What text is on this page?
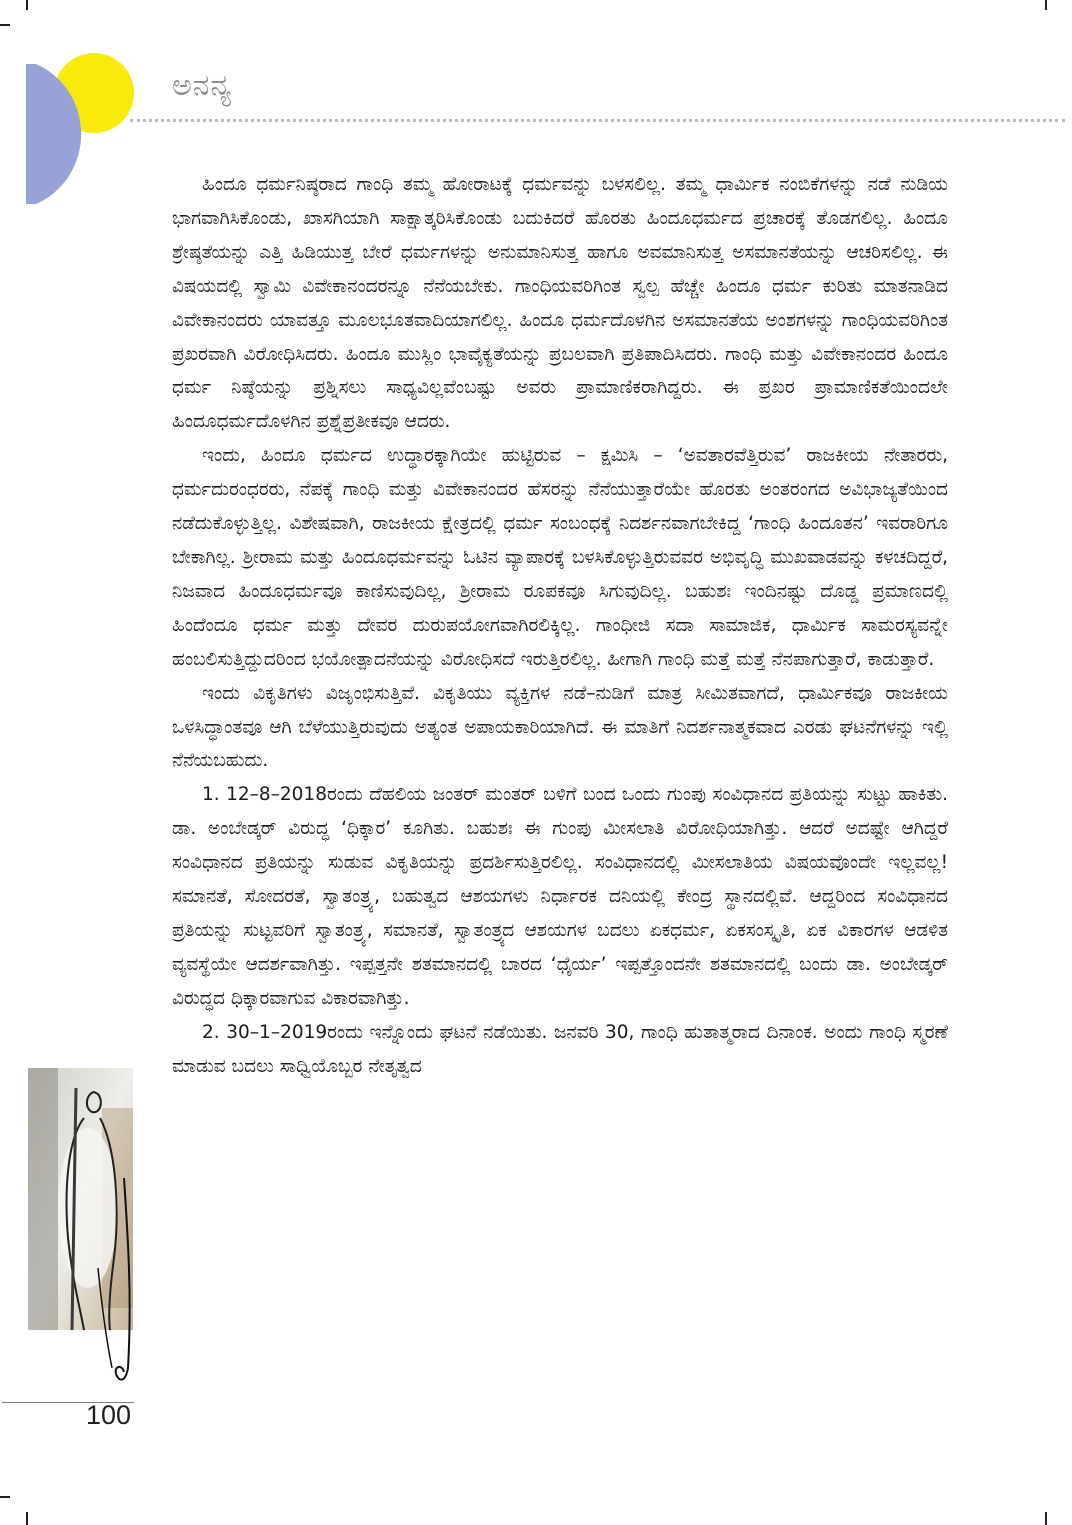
ಅನನ್ಯ

ಹಿಂದೂ ಧರ್ಮನಿಷ್ಠರಾದ ಗಾಂಧಿ ತಮ್ಮ ಹೋರಾಟಕ್ಕೆ ಧರ್ಮವನ್ನು ಬಳಸಲಿಲ್ಲ. ತಮ್ಮ ಧಾರ್ಮಿಕ ನಂಬಿಕೆಗಳನ್ನು ನಡೆ ನುಡಿಯ ಭಾಗವಾಗಿಸಿಕೊಂಡು, ಖಾಸಗಿಯಾಗಿ ಸಾಕ್ಷಾತ್ಕರಿಸಿಕೊಂಡು ಬದುಕಿದರೆ ಹೊರತು ಹಿಂದೂಧರ್ಮದ ಪ್ರಚಾರಕ್ಕೆ ತೊಡಗಲಿಲ್ಲ. ಹಿಂದೂ ಶ್ರೇಷ್ಠತೆಯನ್ನು ಎತ್ತಿ ಹಿಡಿಯುತ್ತ ಬೇರೆ ಧರ್ಮಗಳನ್ನು ಅನುಮಾನಿಸುತ್ತ ಹಾಗೂ ಅವಮಾನಿಸುತ್ತ ಅಸಮಾನತೆಯನ್ನು ಆಚರಿಸಲಿಲ್ಲ. ಈ ವಿಷಯದಲ್ಲಿ ಸ್ವಾಮಿ ವಿವೇಕಾನಂದರನ್ನೂ ನೆನೆಯಬೇಕು. ಗಾಂಧಿಯವರಿಗಿಂತ ಸ್ವಲ್ಪ ಹೆಚ್ಚೇ ಹಿಂದೂ ಧರ್ಮ ಕುರಿತು ಮಾತನಾಡಿದ ವಿವೇಕಾನಂದರು ಯಾವತ್ತೂ ಮೂಲಭೂತವಾದಿಯಾಗಲಿಲ್ಲ. ಹಿಂದೂ ಧರ್ಮದೊಳಗಿನ ಅಸಮಾನತೆಯ ಅಂಶಗಳನ್ನು ಗಾಂಧಿಯವರಿಗಿಂತ ಪ್ರಖರವಾಗಿ ವಿರೋಧಿಸಿದರು. ಹಿಂದೂ ಮುಸ್ಲಿಂ ಭಾವೈಕ್ಯತೆಯನ್ನು ಪ್ರಬಲವಾಗಿ ಪ್ರತಿಪಾದಿಸಿದರು. ಗಾಂಧಿ ಮತ್ತು ವಿವೇಕಾನಂದರ ಹಿಂದೂ ಧರ್ಮ ನಿಷ್ಠೆಯನ್ನು ಪ್ರಶ್ನಿಸಲು ಸಾಧ್ಯವಿಲ್ಲವೆಂಬಷ್ಟು ಅವರು ಪ್ರಾಮಾಣಿಕರಾಗಿದ್ದರು. ಈ ಪ್ರಖರ ಪ್ರಾಮಾಣಿಕತೆಯಿಂದಲೇ ಹಿಂದೂಧರ್ಮದೊಳಗಿನ ಪ್ರಶ್ನೆಪ್ರತೀಕವೂ ಆದರು.

ಇಂದು, ಹಿಂದೂ ಧರ್ಮದ ಉದ್ಧಾರಕ್ಕಾಗಿಯೇ ಹುಟ್ಟಿರುವ – ಕ್ಷಮಿಸಿ – ‘ಅವತಾರವೆತ್ತಿರುವ’ ರಾಜಕೀಯ ನೇತಾರರು, ಧರ್ಮದುರಂಧರರು, ನೆಪಕ್ಕೆ ಗಾಂಧಿ ಮತ್ತು ವಿವೇಕಾನಂದರ ಹೆಸರನ್ನು ನೆನೆಯುತ್ತಾರೆಯೇ ಹೊರತು ಅಂತರಂಗದ ಅವಿಭಾಜ್ಯತೆಯಿಂದ ನಡೆದುಕೊಳ್ಳುತ್ತಿಲ್ಲ. ವಿಶೇಷವಾಗಿ, ರಾಜಕೀಯ ಕ್ಷೇತ್ರದಲ್ಲಿ ಧರ್ಮ ಸಂಬಂಧಕ್ಕೆ ನಿದರ್ಶನವಾಗಬೇಕಿದ್ದ ‘ಗಾಂಧಿ ಹಿಂದೂತನ’ ಇವರಾರಿಗೂ ಬೇಕಾಗಿಲ್ಲ. ಶ್ರೀರಾಮ ಮತ್ತು ಹಿಂದೂಧರ್ಮವನ್ನು ಓಟಿನ ವ್ಯಾಪಾರಕ್ಕೆ ಬಳಸಿಕೊಳ್ಳುತ್ತಿರುವವರ ಅಭಿವೃದ್ಧಿ ಮುಖವಾಡವನ್ನು ಕಳಚದಿದ್ದರೆ, ನಿಜವಾದ ಹಿಂದೂಧರ್ಮವೂ ಕಾಣಿಸುವುದಿಲ್ಲ, ಶ್ರೀರಾಮ ರೂಪಕವೂ ಸಿಗುವುದಿಲ್ಲ. ಬಹುಶಃ ಇಂದಿನಷ್ಟು ದೊಡ್ಡ ಪ್ರಮಾಣದಲ್ಲಿ ಹಿಂದೆಂದೂ ಧರ್ಮ ಮತ್ತು ದೇವರ ದುರುಪಯೋಗವಾಗಿರಲಿಕ್ಕಿಲ್ಲ. ಗಾಂಧೀಜಿ ಸದಾ ಸಾಮಾಜಿಕ, ಧಾರ್ಮಿಕ ಸಾಮರಸ್ಯವನ್ನೇ ಹಂಬಲಿಸುತ್ತಿದ್ದುದರಿಂದ ಭಯೋತ್ಪಾದನೆಯನ್ನು ವಿರೋಧಿಸದೆ ಇರುತ್ತಿರಲಿಲ್ಲ. ಹೀಗಾಗಿ ಗಾಂಧಿ ಮತ್ತೆ ಮತ್ತೆ ನೆನಪಾಗುತ್ತಾರೆ, ಕಾಡುತ್ತಾರೆ.

ಇಂದು ವಿಕೃತಿಗಳು ವಿಜೃಂಭಿಸುತ್ತಿವೆ. ವಿಕೃತಿಯು ವ್ಯಕ್ತಿಗಳ ನಡೆ–ನುಡಿಗೆ ಮಾತ್ರ ಸೀಮಿತವಾಗದೆ, ಧಾರ್ಮಿಕವೂ ರಾಜಕೀಯ ಒಳಸಿದ್ಧಾಂತವೂ ಆಗಿ ಬೆಳೆಯುತ್ತಿರುವುದು ಅತ್ಯಂತ ಅಪಾಯಕಾರಿಯಾಗಿದೆ. ಈ ಮಾತಿಗೆ ನಿದರ್ಶನಾತ್ಮಕವಾದ ಎರಡು ಘಟನೆಗಳನ್ನು ಇಲ್ಲಿ ನೆನೆಯಬಹುದು.

1. 12–8–2018ರಂದು ದೆಹಲಿಯ ಜಂತರ್ ಮಂತರ್ ಬಳಿಗೆ ಬಂದ ಒಂದು ಗುಂಪು ಸಂವಿಧಾನದ ಪ್ರತಿಯನ್ನು ಸುಟ್ಟು ಹಾಕಿತು. ಡಾ. ಅಂಬೇಡ್ಕರ್ ವಿರುದ್ಧ ‘ಧಿಕ್ಕಾರ’ ಕೂಗಿತು. ಬಹುಶಃ ಈ ಗುಂಪು ಮೀಸಲಾತಿ ವಿರೋಧಿಯಾಗಿತ್ತು. ಆದರೆ ಅದಷ್ಟೇ ಆಗಿದ್ದರೆ ಸಂವಿಧಾನದ ಪ್ರತಿಯನ್ನು ಸುಡುವ ವಿಕೃತಿಯನ್ನು ಪ್ರದರ್ಶಿಸುತ್ತಿರಲಿಲ್ಲ. ಸಂವಿಧಾನದಲ್ಲಿ ಮೀಸಲಾತಿಯ ವಿಷಯವೊಂದೇ ಇಲ್ಲವಲ್ಲ! ಸಮಾನತೆ, ಸೋದರತೆ, ಸ್ವಾತಂತ್ರ್ಯ, ಬಹುತ್ವದ ಆಶಯಗಳು ನಿರ್ಧಾರಕ ದನಿಯಲ್ಲಿ ಕೇಂದ್ರ ಸ್ಥಾನದಲ್ಲಿವೆ. ಆದ್ದರಿಂದ ಸಂವಿಧಾನದ ಪ್ರತಿಯನ್ನು ಸುಟ್ಟವರಿಗೆ ಸ್ವಾತಂತ್ರ್ಯ, ಸಮಾನತೆ, ಸ್ವಾತಂತ್ರ್ಯದ ಆಶಯಗಳ ಬದಲು ಏಕಧರ್ಮ, ಏಕಸಂಸ್ಕೃತಿ, ಏಕ ವಿಕಾರಗಳ ಆಡಳಿತ ವ್ಯವಸ್ಥೆಯೇ ಆದರ್ಶವಾಗಿತ್ತು. ಇಪ್ಪತ್ತನೇ ಶತಮಾನದಲ್ಲಿ ಬಾರದ ‘ಧೈರ್ಯ’ ಇಪ್ಪತ್ತೊಂದನೇ ಶತಮಾನದಲ್ಲಿ ಬಂದು ಡಾ. ಅಂಬೇಡ್ಕರ್ ವಿರುದ್ಧದ ಧಿಕ್ಕಾರವಾಗುವ ವಿಕಾರವಾಗಿತ್ತು.

2. 30–1–2019ರಂದು ಇನ್ನೊಂದು ಘಟನೆ ನಡೆಯಿತು. ಜನವರಿ 30, ಗಾಂಧಿ ಹುತಾತ್ಮರಾದ ದಿನಾಂಕ. ಅಂದು ಗಾಂಧಿ ಸ್ಮರಣೆ ಮಾಡುವ ಬದಲು ಸಾಧ್ವಿಯೊಬ್ಬರ ನೇತೃತ್ವದ

100
